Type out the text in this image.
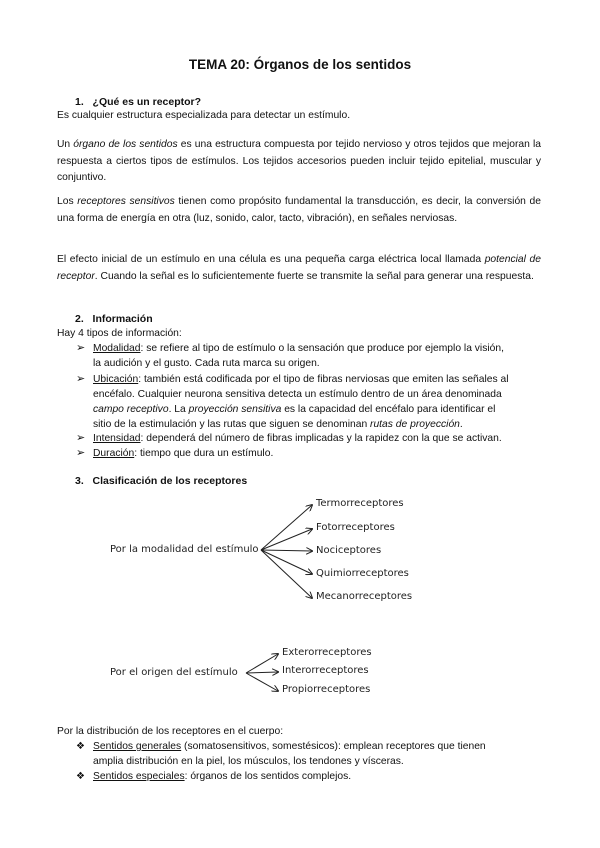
TEMA 20: Órganos de los sentidos
1. ¿Qué es un receptor?
Es cualquier estructura especializada para detectar un estímulo.
Un órgano de los sentidos es una estructura compuesta por tejido nervioso y otros tejidos que mejoran la respuesta a ciertos tipos de estímulos. Los tejidos accesorios pueden incluir tejido epitelial, muscular y conjuntivo.
Los receptores sensitivos tienen como propósito fundamental la transducción, es decir, la conversión de una forma de energía en otra (luz, sonido, calor, tacto, vibración), en señales nerviosas.
El efecto inicial de un estímulo en una célula es una pequeña carga eléctrica local llamada potencial de receptor. Cuando la señal es lo suficientemente fuerte se transmite la señal para generar una respuesta.
2. Información
Hay 4 tipos de información:
➢ Modalidad: se refiere al tipo de estímulo o la sensación que produce por ejemplo la visión,
la audición y el gusto. Cada ruta marca su origen.
➢ Ubicación: también está codificada por el tipo de fibras nerviosas que emiten las señales al
encéfalo. Cualquier neurona sensitiva detecta un estímulo dentro de un área denominada
campo receptivo. La proyección sensitiva es la capacidad del encéfalo para identificar el
sitio de la estimulación y las rutas que siguen se denominan rutas de proyección.
➢ Intensidad: dependerá del número de fibras implicadas y la rapidez con la que se activan.
➢ Duración: tiempo que dura un estímulo.
3. Clasificación de los receptores
Por la modalidad del estímulo
Termorreceptores
Fotorreceptores
Nociceptores
Quimiorreceptores
Mecanorreceptores
Por el origen del estímulo
Exterorreceptores
Interorreceptores
Propiorreceptores
Por la distribución de los receptores en el cuerpo:
❖ Sentidos generales (somatosensitivos, somestésicos): emplean receptores que tienen
amplia distribución en la piel, los músculos, los tendones y vísceras.
❖ Sentidos especiales: órganos de los sentidos complejos.
